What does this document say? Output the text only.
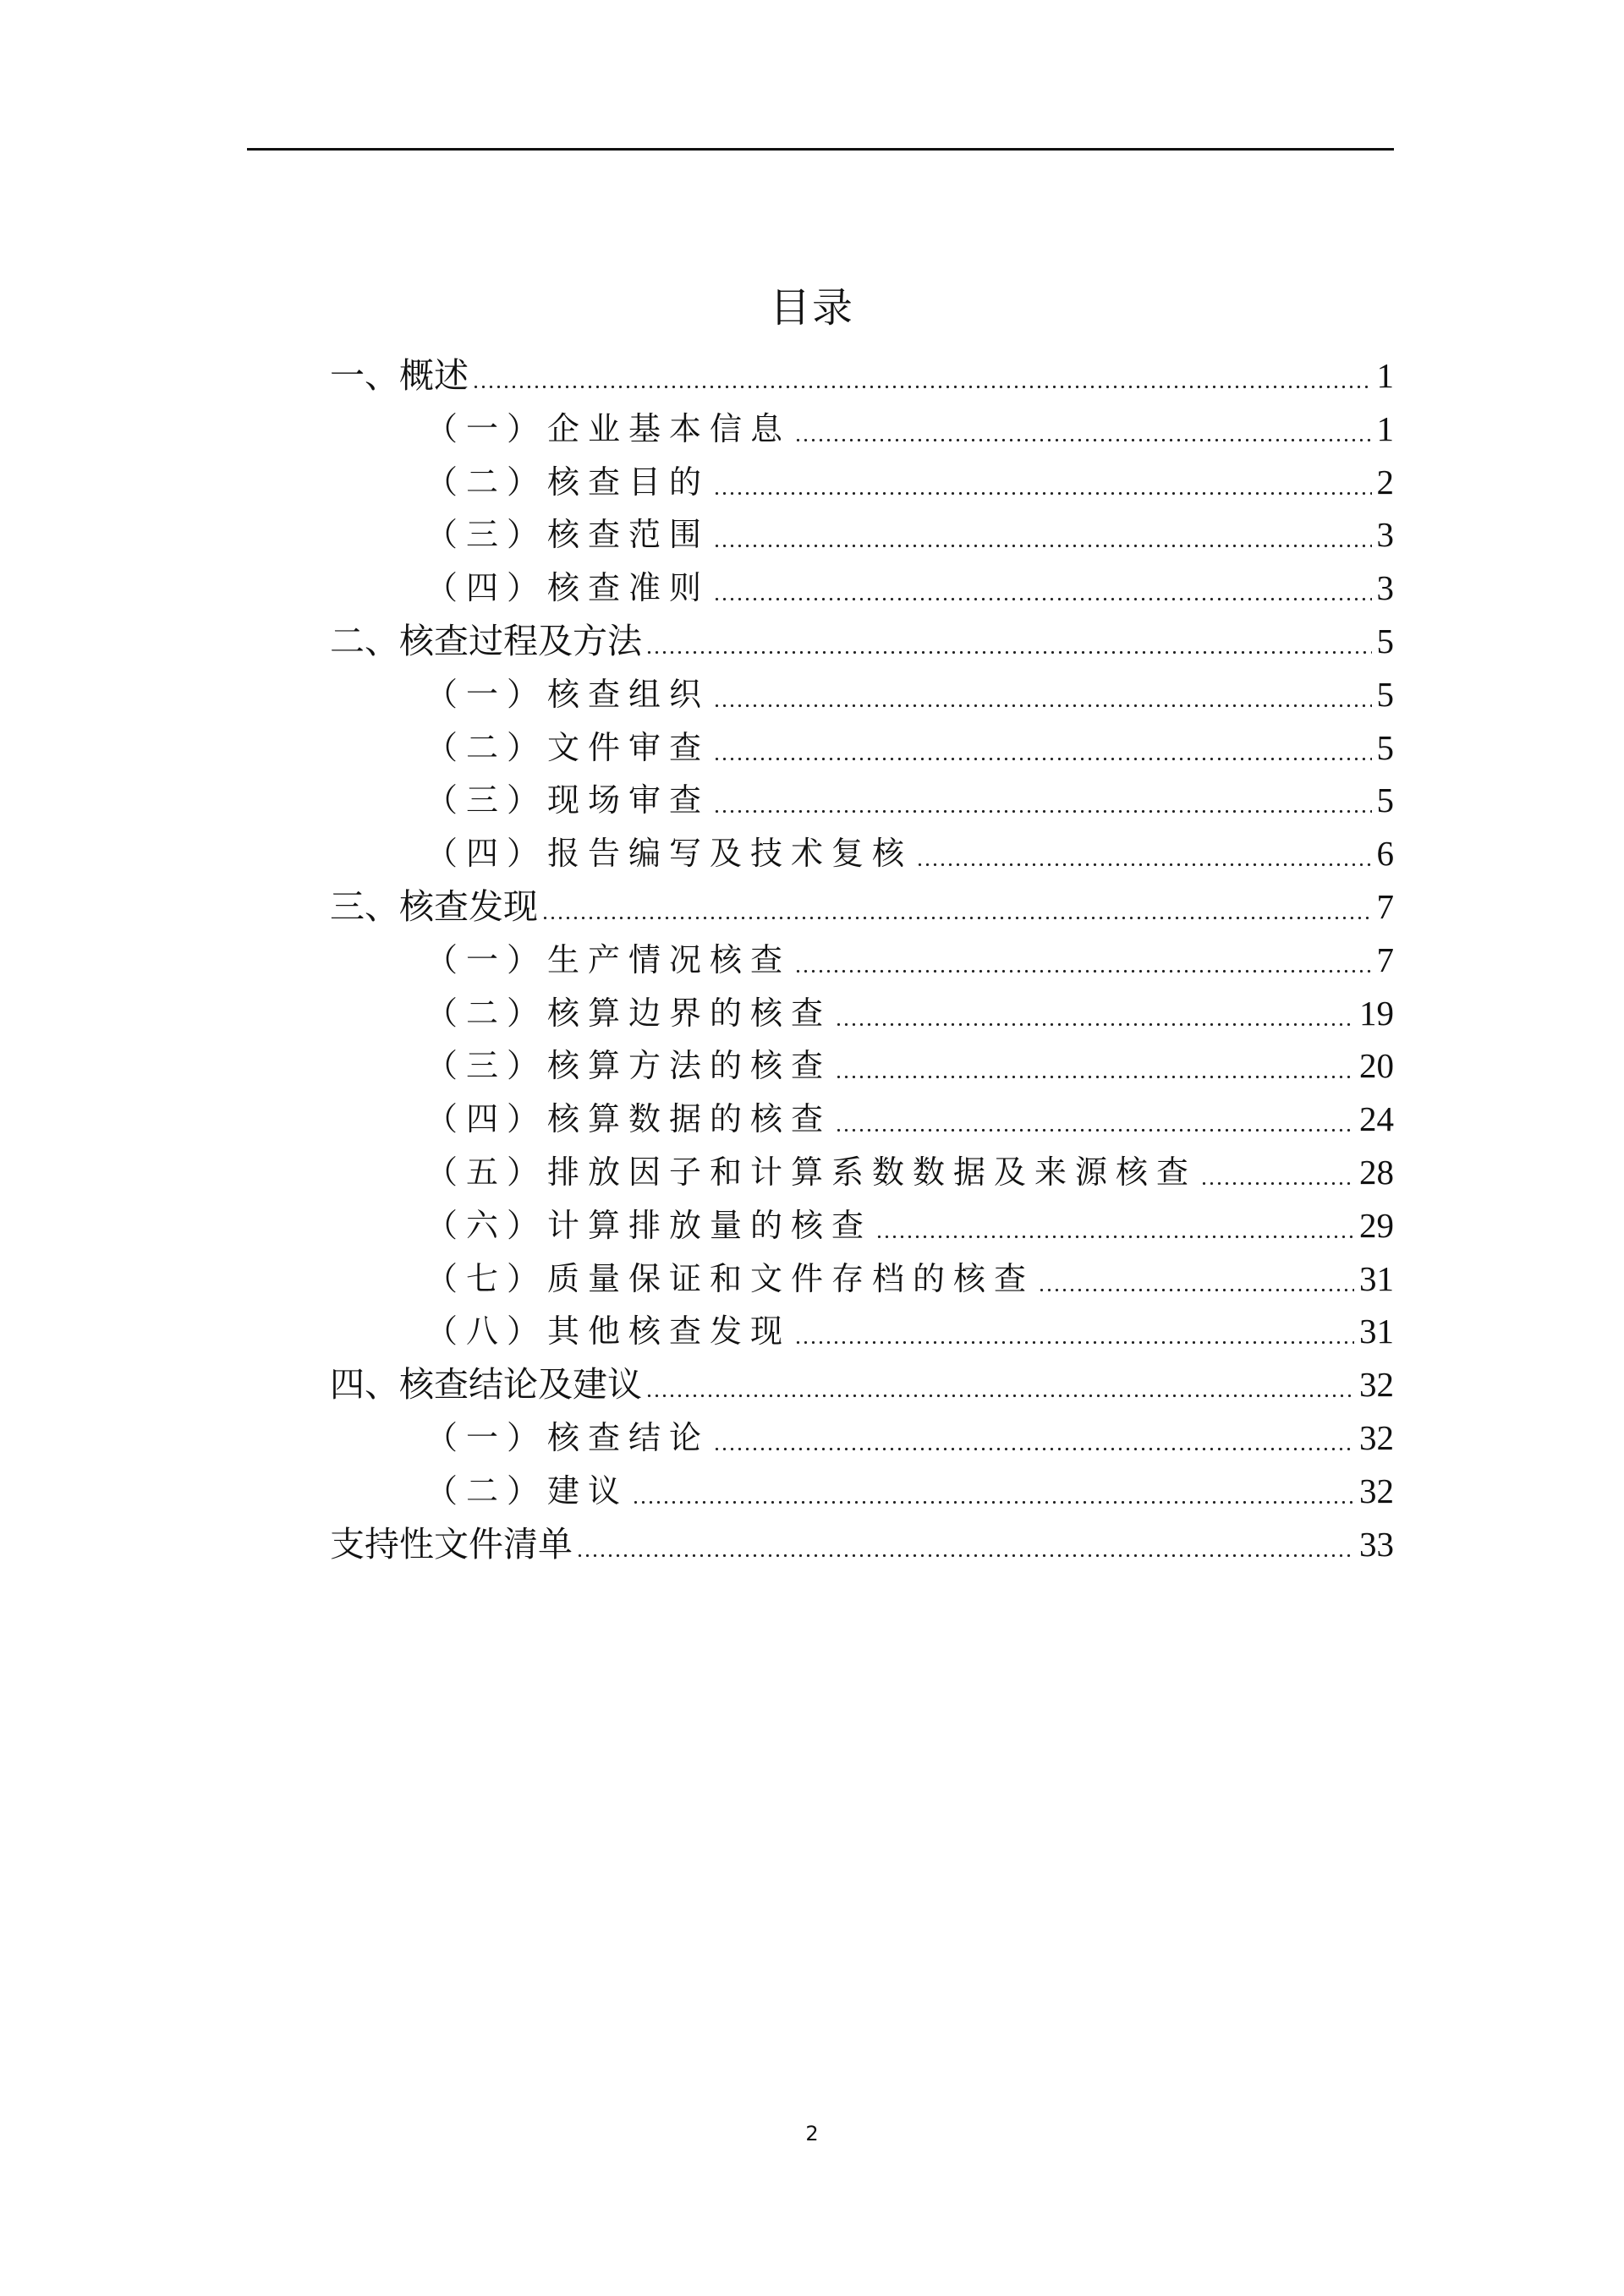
目录
一、概述	1
（一）企业基本信息	1
（二）核查目的	2
（三）核查范围	3
（四）核查准则	3
二、核查过程及方法	5
（一）核查组织	5
（二）文件审查	5
（三）现场审查	5
（四）报告编写及技术复核	6
三、核查发现	7
（一）生产情况核查	7
（二）核算边界的核查	19
（三）核算方法的核查	20
（四）核算数据的核查	24
（五）排放因子和计算系数数据及来源核查	28
（六）计算排放量的核查	29
（七）质量保证和文件存档的核查	31
（八）其他核查发现	31
四、核查结论及建议	32
（一）核查结论	32
（二）建议	32
支持性文件清单	33
2
